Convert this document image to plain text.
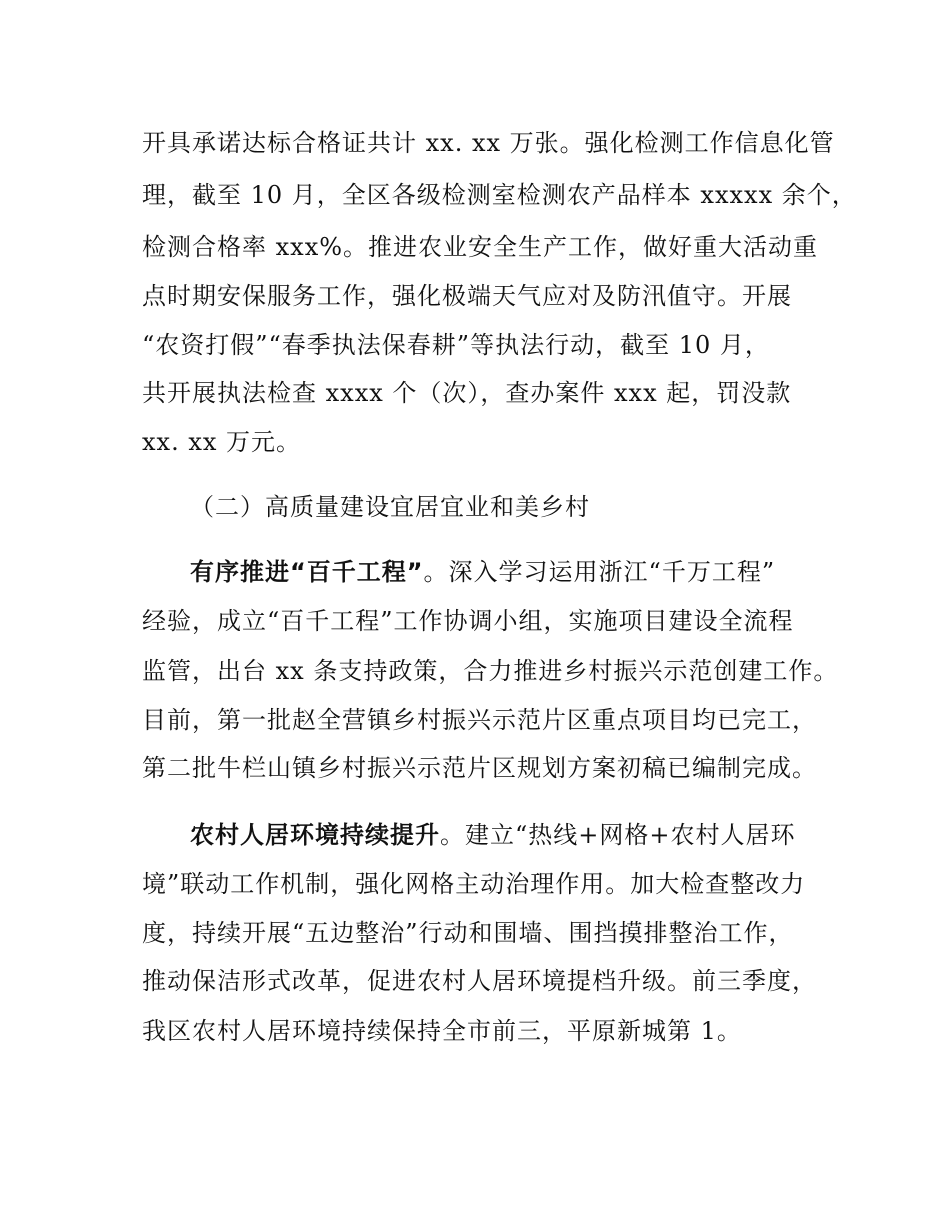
开具承诺达标合格证共计 xx. xx 万张。强化检测工作信息化管
理，截至 10 月，全区各级检测室检测农产品样本 xxxxx 余个，
检测合格率 xxx%。推进农业安全生产工作，做好重大活动重
点时期安保服务工作，强化极端天气应对及防汛值守。开展
“农资打假”“春季执法保春耕”等执法行动，截至 10 月，
共开展执法检查 xxxx 个（次），查办案件 xxx 起，罚没款
xx. xx 万元。
（二）高质量建设宜居宜业和美乡村
有序推进“百千工程”。深入学习运用浙江“千万工程”
经验，成立“百千工程”工作协调小组，实施项目建设全流程
监管，出台 xx 条支持政策，合力推进乡村振兴示范创建工作。
目前，第一批赵全营镇乡村振兴示范片区重点项目均已完工，
第二批牛栏山镇乡村振兴示范片区规划方案初稿已编制完成。
农村人居环境持续提升。建立“热线+网格+农村人居环
境”联动工作机制，强化网格主动治理作用。加大检查整改力
度，持续开展“五边整治”行动和围墙、围挡摸排整治工作，
推动保洁形式改革，促进农村人居环境提档升级。前三季度，
我区农村人居环境持续保持全市前三，平原新城第 1。
